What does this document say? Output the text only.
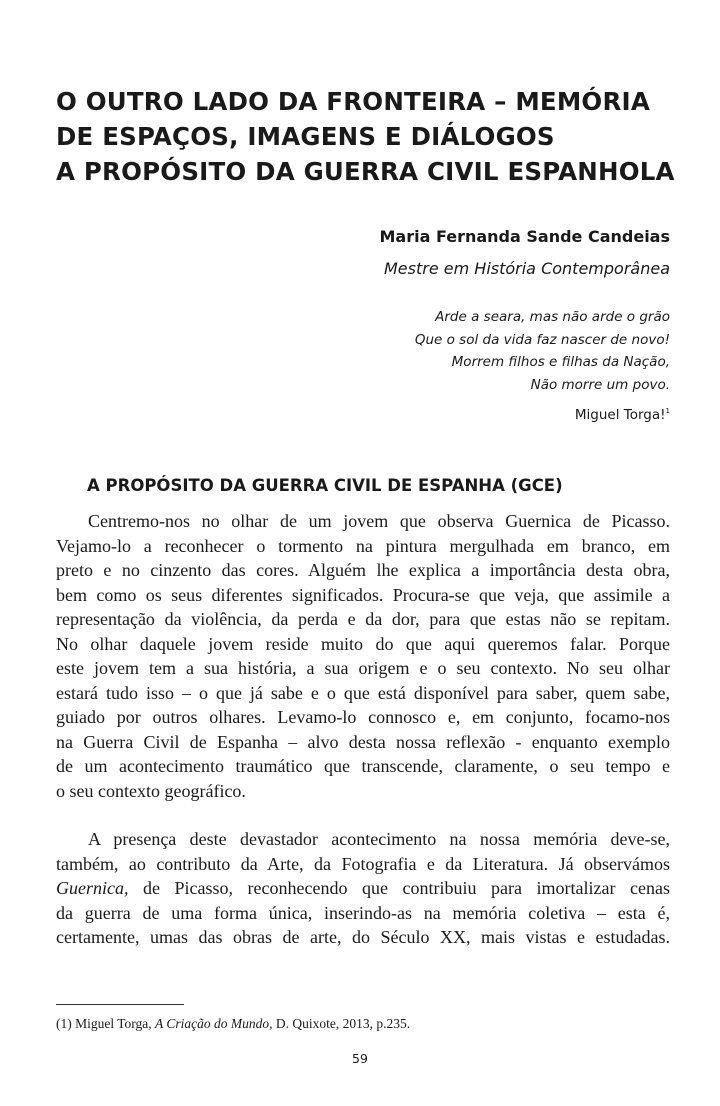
O OUTRO LADO DA FRONTEIRA – MEMÓRIA
DE ESPAÇOS, IMAGENS E DIÁLOGOS
A PROPÓSITO DA GUERRA CIVIL ESPANHOLA
Maria Fernanda Sande Candeias
Mestre em História Contemporânea
Arde a seara, mas não arde o grão
Que o sol da vida faz nascer de novo!
Morrem filhos e filhas da Nação,
Não morre um povo.
Miguel Torga!$^1$
A PROPÓSITO DA GUERRA CIVIL DE ESPANHA (GCE)
Centremo-nos no olhar de um jovem que observa Guernica de Picasso.
Vejamo-lo a reconhecer o tormento na pintura mergulhada em branco, em
preto e no cinzento das cores. Alguém lhe explica a importância desta obra,
bem como os seus diferentes significados. Procura-se que veja, que assimile a
representação da violência, da perda e da dor, para que estas não se repitam.
No olhar daquele jovem reside muito do que aqui queremos falar. Porque
este jovem tem a sua história, a sua origem e o seu contexto. No seu olhar
estará tudo isso – o que já sabe e o que está disponível para saber, quem sabe,
guiado por outros olhares. Levamo-lo connosco e, em conjunto, focamo-nos
na Guerra Civil de Espanha – alvo desta nossa reflexão - enquanto exemplo
de um acontecimento traumático que transcende, claramente, o seu tempo e
o seu contexto geográfico.
A presença deste devastador acontecimento na nossa memória deve-se,
também, ao contributo da Arte, da Fotografia e da Literatura. Já observámos
Guernica, de Picasso, reconhecendo que contribuiu para imortalizar cenas
da guerra de uma forma única, inserindo-as na memória coletiva – esta é,
certamente, umas das obras de arte, do Século XX, mais vistas e estudadas.
(1) Miguel Torga, A Criação do Mundo, D. Quixote, 2013, p.235.
59
